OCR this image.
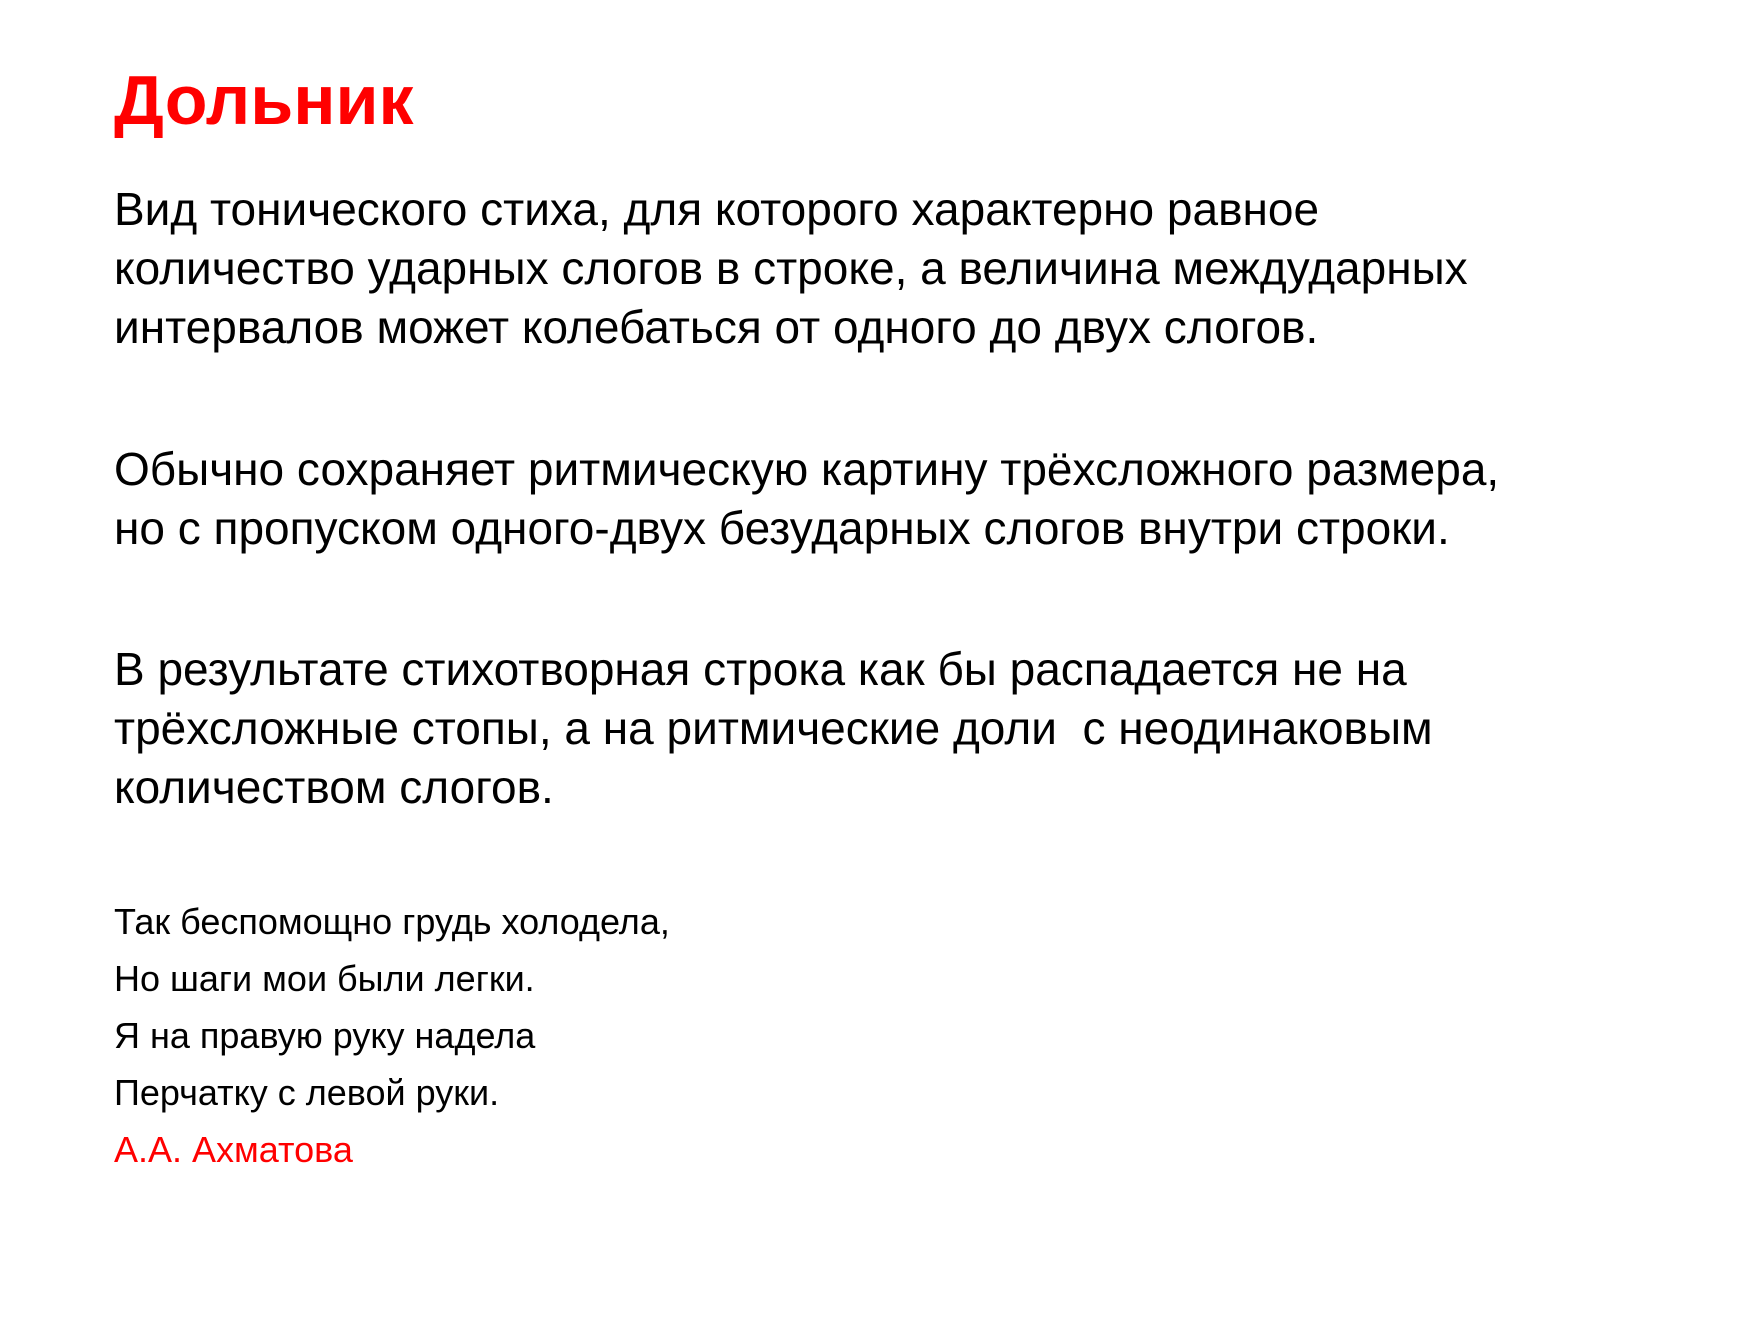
Дольник

Вид тонического стиха, для которого характерно равное
количество ударных слогов в строке, а величина междударных
интервалов может колебаться от одного до двух слогов.

Обычно сохраняет ритмическую картину трёхсложного размера,
но с пропуском одного-двух безударных слогов внутри строки.

В результате стихотворная строка как бы распадается не на
трёхсложные стопы, а на ритмические доли  с неодинаковым
количеством слогов.

Так беспомощно грудь холодела,
Но шаги мои были легки.
Я на правую руку надела
Перчатку с левой руки.
А.А. Ахматова
